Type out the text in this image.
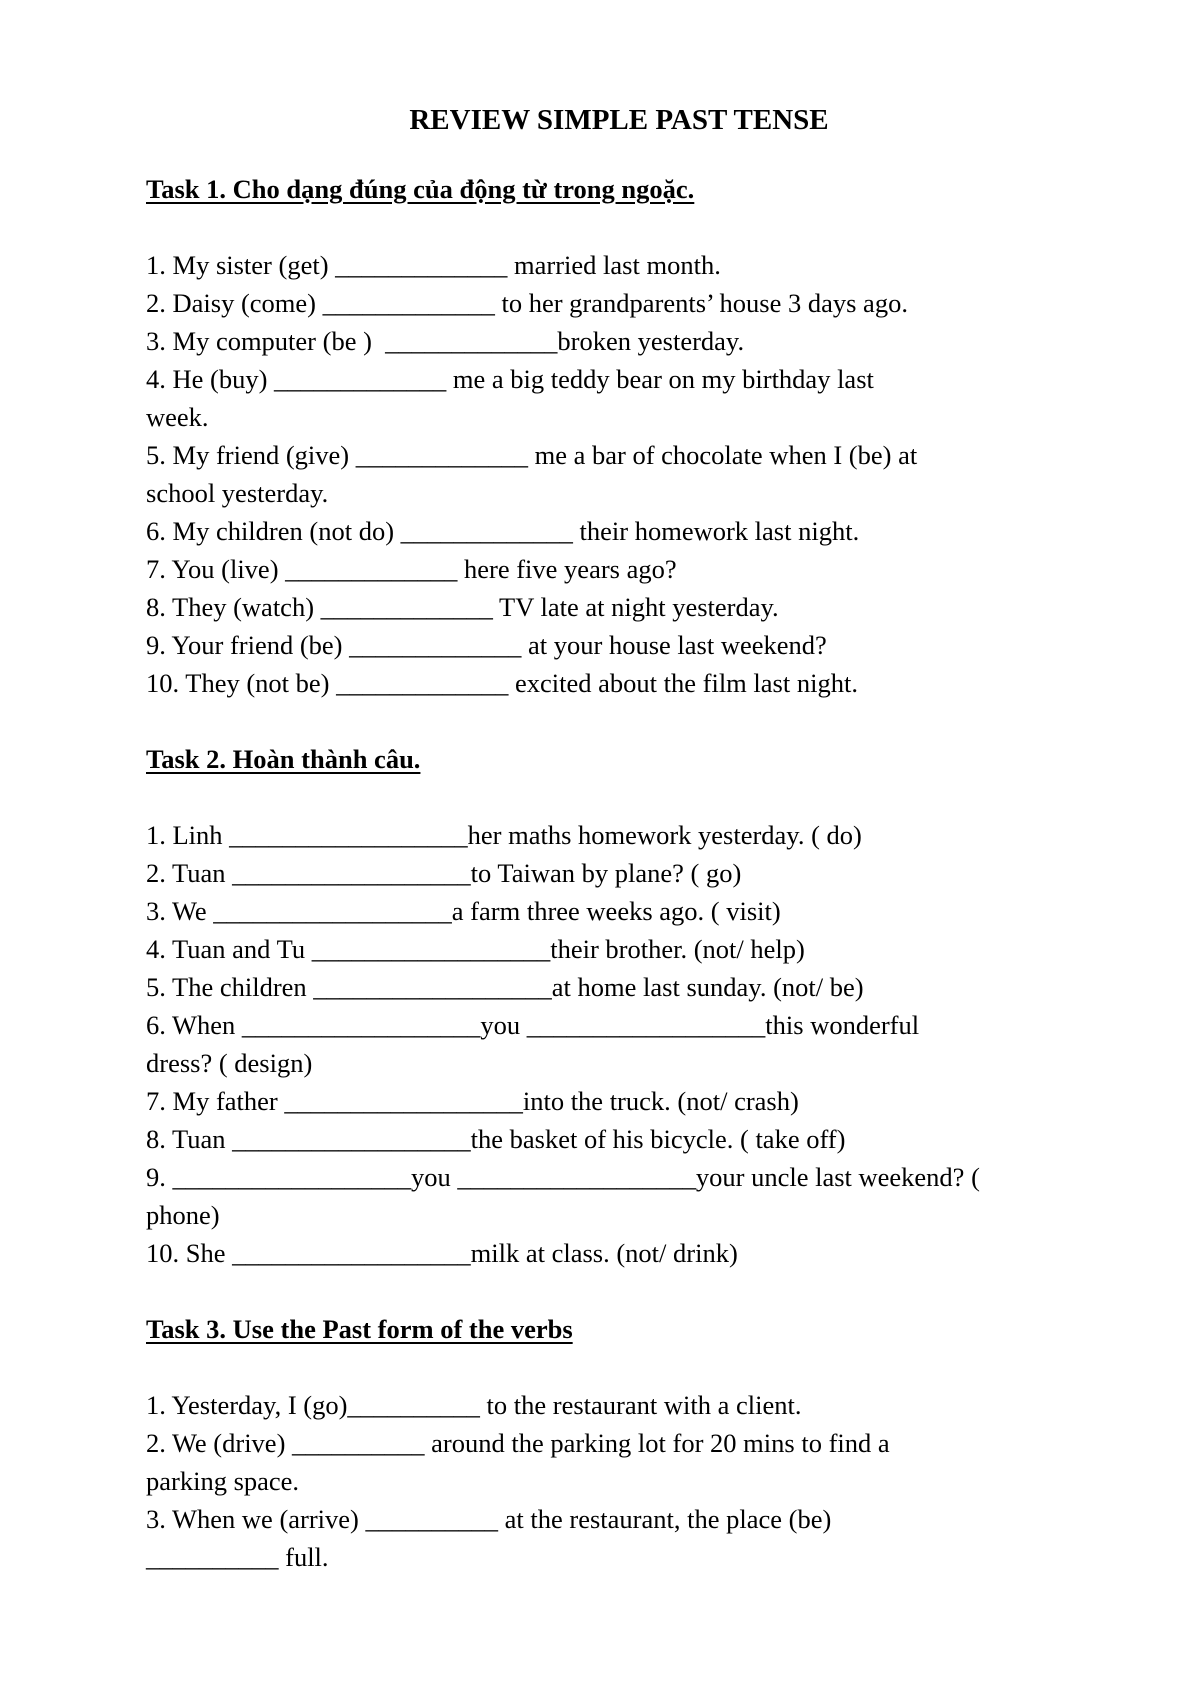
REVIEW SIMPLE PAST TENSE

Task 1. Cho dạng đúng của động từ trong ngoặc.

1. My sister (get) _____________ married last month.

2. Daisy (come) _____________ to her grandparents’ house 3 days ago.

3. My computer (be )  _____________broken yesterday.

4. He (buy) _____________ me a big teddy bear on my birthday last

week.

5. My friend (give) _____________ me a bar of chocolate when I (be) at

school yesterday.

6. My children (not do) _____________ their homework last night.

7. You (live) _____________ here five years ago?

8. They (watch) _____________ TV late at night yesterday.

9. Your friend (be) _____________ at your house last weekend?

10. They (not be) _____________ excited about the film last night.

Task 2. Hoàn thành câu.

1. Linh __________________her maths homework yesterday. ( do)

2. Tuan __________________to Taiwan by plane? ( go)

3. We __________________a farm three weeks ago. ( visit)

4. Tuan and Tu __________________their brother. (not/ help)

5. The children __________________at home last sunday. (not/ be)

6. When __________________you __________________this wonderful

dress? ( design)

7. My father __________________into the truck. (not/ crash)

8. Tuan __________________the basket of his bicycle. ( take off)

9. __________________you __________________your uncle last weekend? (

phone)

10. She __________________milk at class. (not/ drink)

Task 3. Use the Past form of the verbs

1. Yesterday, I (go)__________ to the restaurant with a client.

2. We (drive) __________ around the parking lot for 20 mins to find a

parking space.

3. When we (arrive) __________ at the restaurant, the place (be)

__________ full.
